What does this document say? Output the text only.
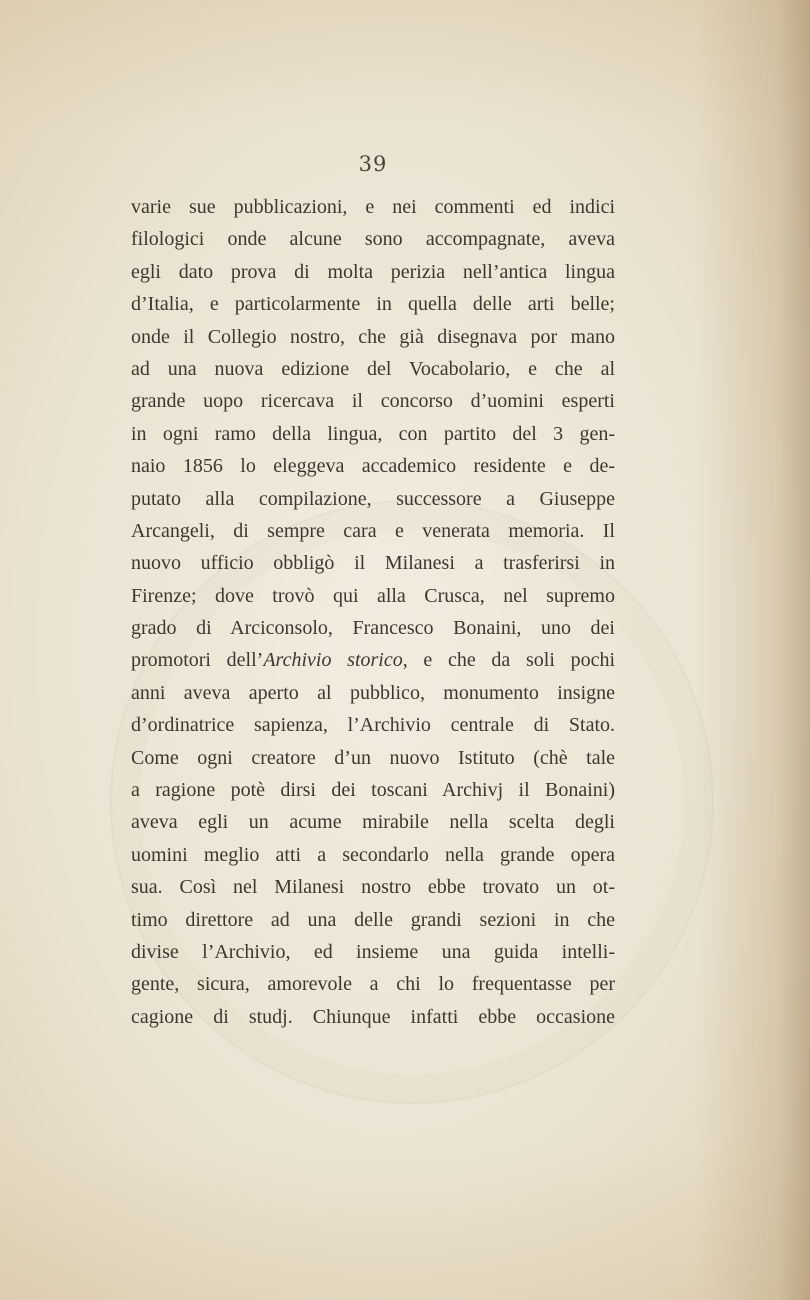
39
varie sue pubblicazioni, e nei commenti ed indici
filologici onde alcune sono accompagnate, aveva
egli dato prova di molta perizia nell’antica lingua
d’Italia, e particolarmente in quella delle arti belle;
onde il Collegio nostro, che già disegnava por mano
ad una nuova edizione del Vocabolario, e che al
grande uopo ricercava il concorso d’uomini esperti
in ogni ramo della lingua, con partito del 3 gen-
naio 1856 lo eleggeva accademico residente e de-
putato alla compilazione, successore a Giuseppe
Arcangeli, di sempre cara e venerata memoria. Il
nuovo ufficio obbligò il Milanesi a trasferirsi in
Firenze; dove trovò qui alla Crusca, nel supremo
grado di Arciconsolo, Francesco Bonaini, uno dei
promotori dell’Archivio storico, e che da soli pochi
anni aveva aperto al pubblico, monumento insigne
d’ordinatrice sapienza, l’Archivio centrale di Stato.
Come ogni creatore d’un nuovo Istituto (chè tale
a ragione potè dirsi dei toscani Archivj il Bonaini)
aveva egli un acume mirabile nella scelta degli
uomini meglio atti a secondarlo nella grande opera
sua. Così nel Milanesi nostro ebbe trovato un ot-
timo direttore ad una delle grandi sezioni in che
divise l’Archivio, ed insieme una guida intelli-
gente, sicura, amorevole a chi lo frequentasse per
cagione di studj. Chiunque infatti ebbe occasione
